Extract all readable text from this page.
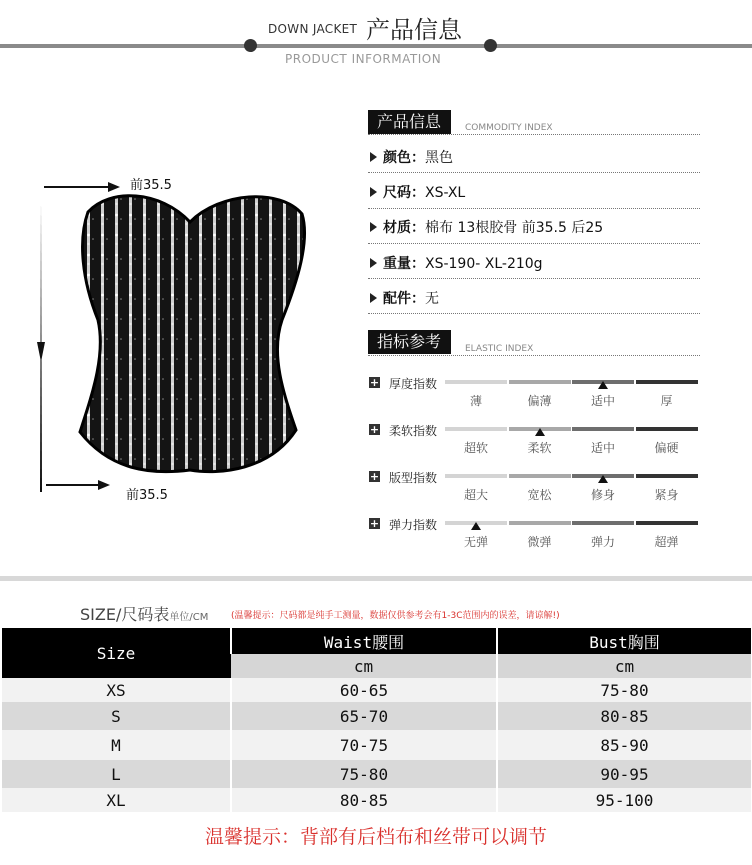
DOWN JACKET 产品信息
PRODUCT INFORMATION
前35.5
前35.5
产品信息	COMMODITY INDEX
颜色：黑色
尺码：XS-XL
材质：棉布 13根胶骨 前35.5 后25
重量：XS-190- XL-210g
配件：无
指标参考	ELASTIC INDEX
+ 厚度指数
薄	偏薄	适中	厚
+ 柔软指数
超软	柔软	适中	偏硬
+ 版型指数
超大	宽松	修身	紧身
+ 弹力指数
无弹	微弹	弹力	超弹
SIZE/尺码表单位/CM	(温馨提示：尺码都是纯手工测量，数据仅供参考会有1-3C范围内的误差，请谅解!)
Size	Waist腰围	Bust胸围
	cm	cm
XS	60-65	75-80
S	65-70	80-85
M	70-75	85-90
L	75-80	90-95
XL	80-85	95-100
温馨提示：背部有后档布和丝带可以调节
